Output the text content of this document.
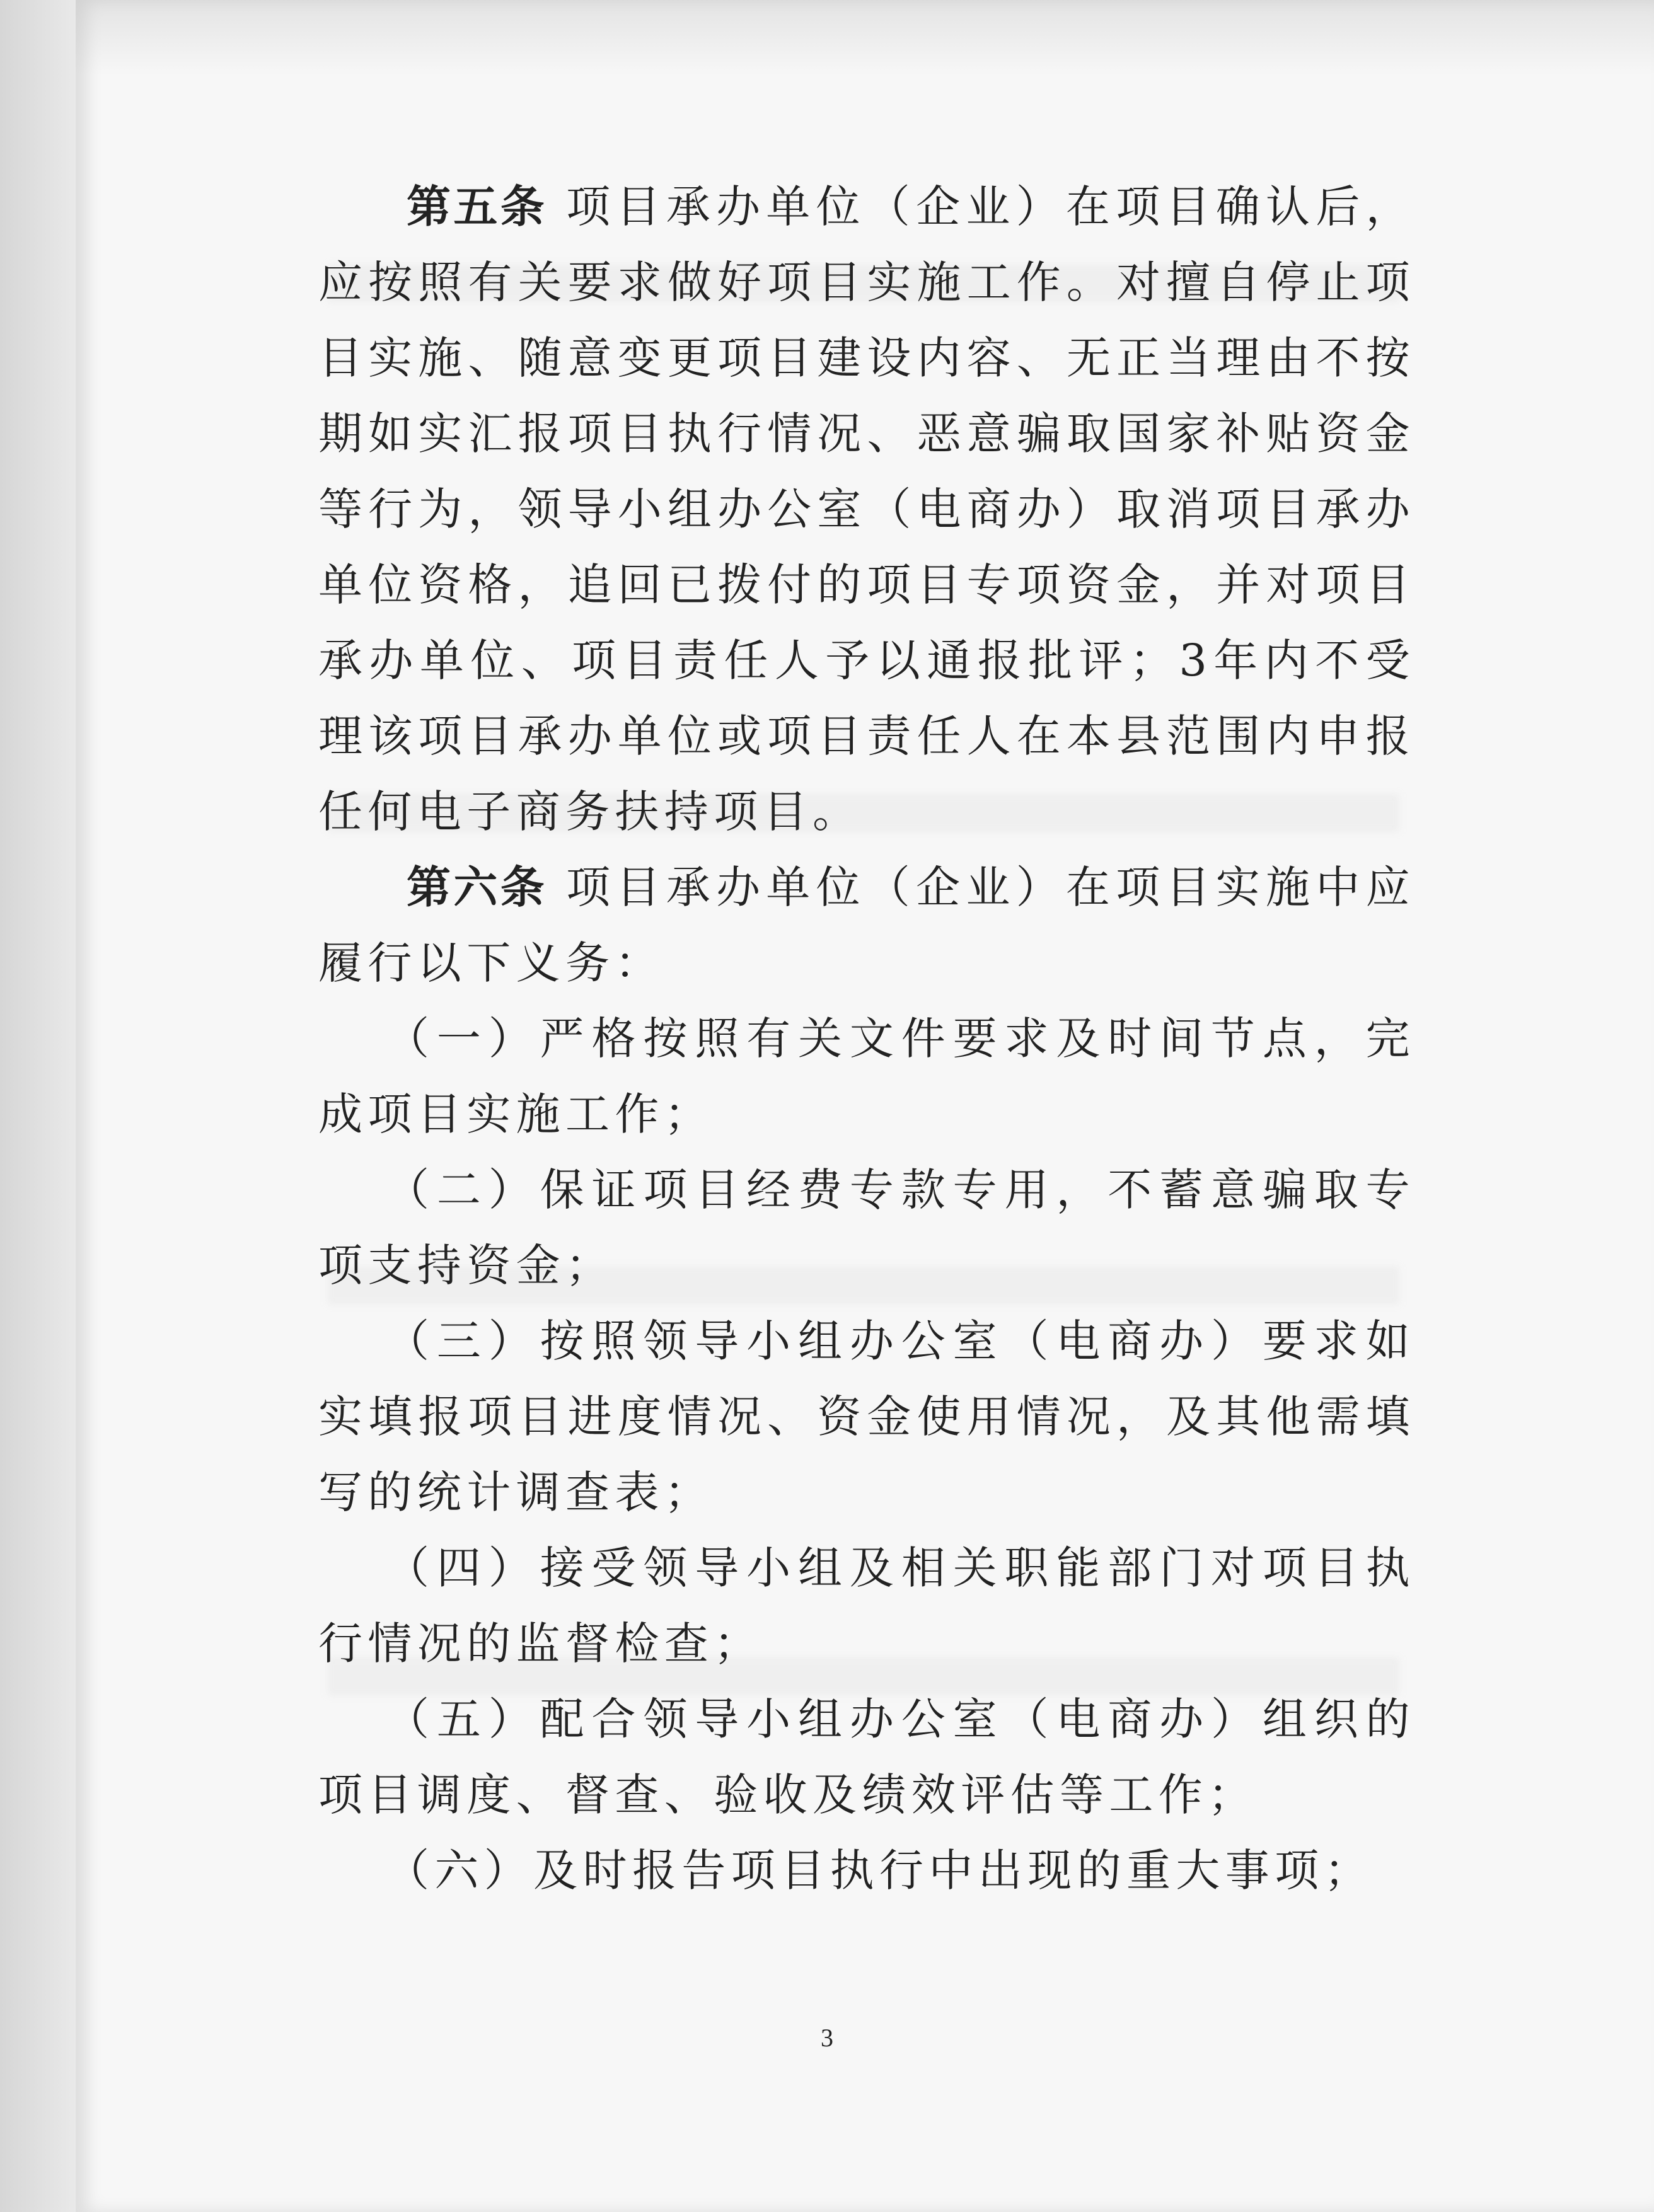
第五条 项目承办单位（企业）在项目确认后，应按照有关要求做好项目实施工作。对擅自停止项目实施、随意变更项目建设内容、无正当理由不按期如实汇报项目执行情况、恶意骗取国家补贴资金等行为，领导小组办公室（电商办）取消项目承办单位资格，追回已拨付的项目专项资金，并对项目承办单位、项目责任人予以通报批评；3年内不受理该项目承办单位或项目责任人在本县范围内申报任何电子商务扶持项目。

第六条 项目承办单位（企业）在项目实施中应履行以下义务：

（一）严格按照有关文件要求及时间节点，完成项目实施工作；

（二）保证项目经费专款专用，不蓄意骗取专项支持资金；

（三）按照领导小组办公室（电商办）要求如实填报项目进度情况、资金使用情况，及其他需填写的统计调查表；

（四）接受领导小组及相关职能部门对项目执行情况的监督检查；

（五）配合领导小组办公室（电商办）组织的项目调度、督查、验收及绩效评估等工作；

（六）及时报告项目执行中出现的重大事项；

3
